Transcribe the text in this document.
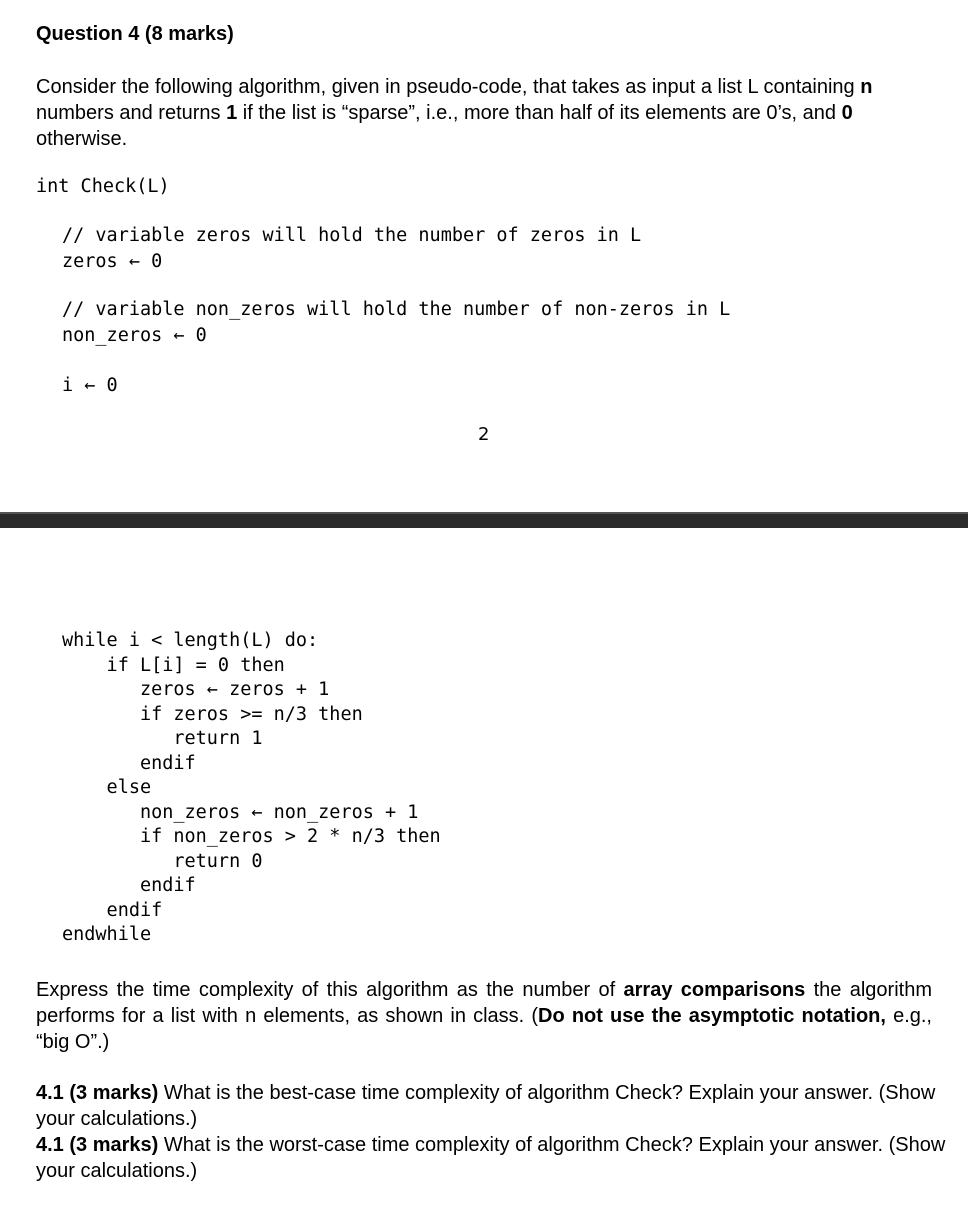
Question 4 (8 marks)
Consider the following algorithm, given in pseudo-code, that takes as input a list L containing n numbers and returns 1 if the list is “sparse”, i.e., more than half of its elements are 0’s, and 0 otherwise.
int Check(L)
// variable zeros will hold the number of zeros in L
zeros ← 0
// variable non_zeros will hold the number of non-zeros in L
non_zeros ← 0
i ← 0
2
while i < length(L) do:
if L[i] = 0 then
zeros ← zeros + 1
if zeros >= n/3 then
return 1
endif
else
non_zeros ← non_zeros + 1
if non_zeros > 2 * n/3 then
return 0
endif
endif
endwhile
Express the time complexity of this algorithm as the number of array comparisons the algorithm performs for a list with n elements, as shown in class. (Do not use the asymptotic notation, e.g., “big O”.)
4.1 (3 marks) What is the best-case time complexity of algorithm Check? Explain your answer. (Show your calculations.)
4.1 (3 marks) What is the worst-case time complexity of algorithm Check? Explain your answer. (Show your calculations.)
